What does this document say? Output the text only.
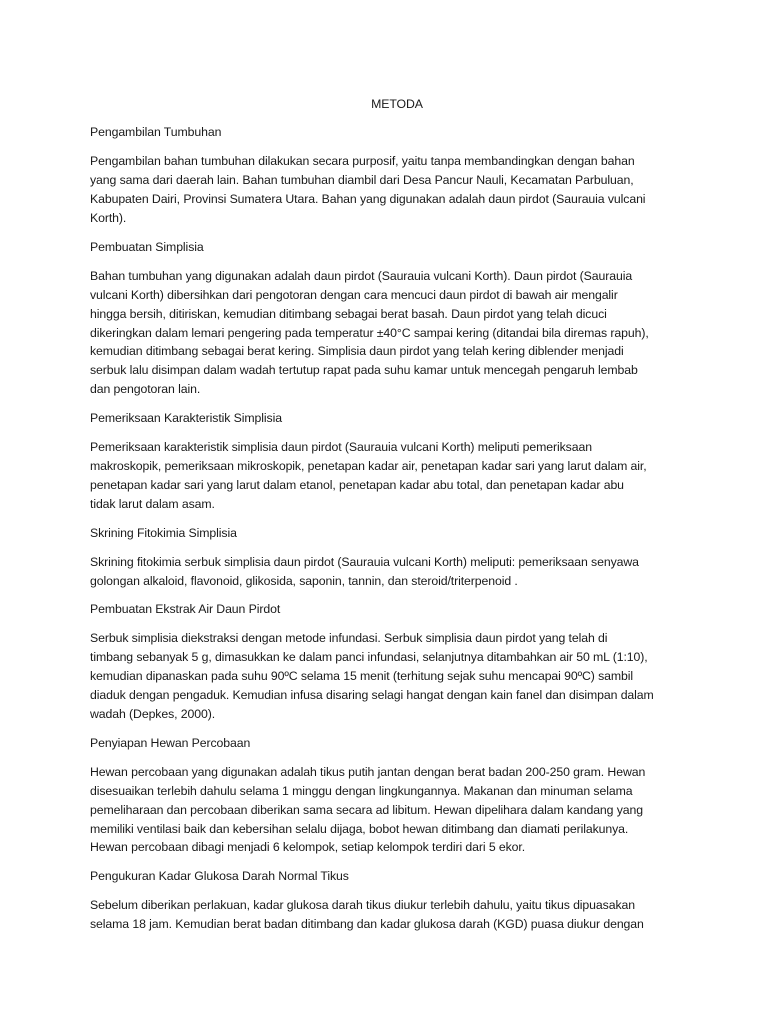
METODA
Pengambilan Tumbuhan
Pengambilan bahan tumbuhan dilakukan secara purposif, yaitu tanpa membandingkan dengan bahan
yang sama dari daerah lain. Bahan tumbuhan diambil dari Desa Pancur Nauli, Kecamatan Parbuluan,
Kabupaten Dairi, Provinsi Sumatera Utara. Bahan yang digunakan adalah daun pirdot (Saurauia vulcani
Korth).
Pembuatan Simplisia
Bahan tumbuhan yang digunakan adalah daun pirdot (Saurauia vulcani Korth). Daun pirdot (Saurauia
vulcani Korth) dibersihkan dari pengotoran dengan cara mencuci daun pirdot di bawah air mengalir
hingga bersih, ditiriskan, kemudian ditimbang sebagai berat basah. Daun pirdot yang telah dicuci
dikeringkan dalam lemari pengering pada temperatur ±40°C sampai kering (ditandai bila diremas rapuh),
kemudian ditimbang sebagai berat kering. Simplisia daun pirdot yang telah kering diblender menjadi
serbuk lalu disimpan dalam wadah tertutup rapat pada suhu kamar untuk mencegah pengaruh lembab
dan pengotoran lain.
Pemeriksaan Karakteristik Simplisia
Pemeriksaan karakteristik simplisia daun pirdot (Saurauia vulcani Korth) meliputi pemeriksaan
makroskopik, pemeriksaan mikroskopik, penetapan kadar air, penetapan kadar sari yang larut dalam air,
penetapan kadar sari yang larut dalam etanol, penetapan kadar abu total, dan penetapan kadar abu
tidak larut dalam asam.
Skrining Fitokimia Simplisia
Skrining fitokimia serbuk simplisia daun pirdot (Saurauia vulcani Korth) meliputi: pemeriksaan senyawa
golongan alkaloid, flavonoid, glikosida, saponin, tannin, dan steroid/triterpenoid .
Pembuatan Ekstrak Air Daun Pirdot
Serbuk simplisia diekstraksi dengan metode infundasi. Serbuk simplisia daun pirdot yang telah di
timbang sebanyak 5 g, dimasukkan ke dalam panci infundasi, selanjutnya ditambahkan air 50 mL (1:10),
kemudian dipanaskan pada suhu 90ºC selama 15 menit (terhitung sejak suhu mencapai 90ºC) sambil
diaduk dengan pengaduk. Kemudian infusa disaring selagi hangat dengan kain fanel dan disimpan dalam
wadah (Depkes, 2000).
Penyiapan Hewan Percobaan
Hewan percobaan yang digunakan adalah tikus putih jantan dengan berat badan 200-250 gram. Hewan
disesuaikan terlebih dahulu selama 1 minggu dengan lingkungannya. Makanan dan minuman selama
pemeliharaan dan percobaan diberikan sama secara ad libitum. Hewan dipelihara dalam kandang yang
memiliki ventilasi baik dan kebersihan selalu dijaga, bobot hewan ditimbang dan diamati perilakunya.
Hewan percobaan dibagi menjadi 6 kelompok, setiap kelompok terdiri dari 5 ekor.
Pengukuran Kadar Glukosa Darah Normal Tikus
Sebelum diberikan perlakuan, kadar glukosa darah tikus diukur terlebih dahulu, yaitu tikus dipuasakan
selama 18 jam. Kemudian berat badan ditimbang dan kadar glukosa darah (KGD) puasa diukur dengan
